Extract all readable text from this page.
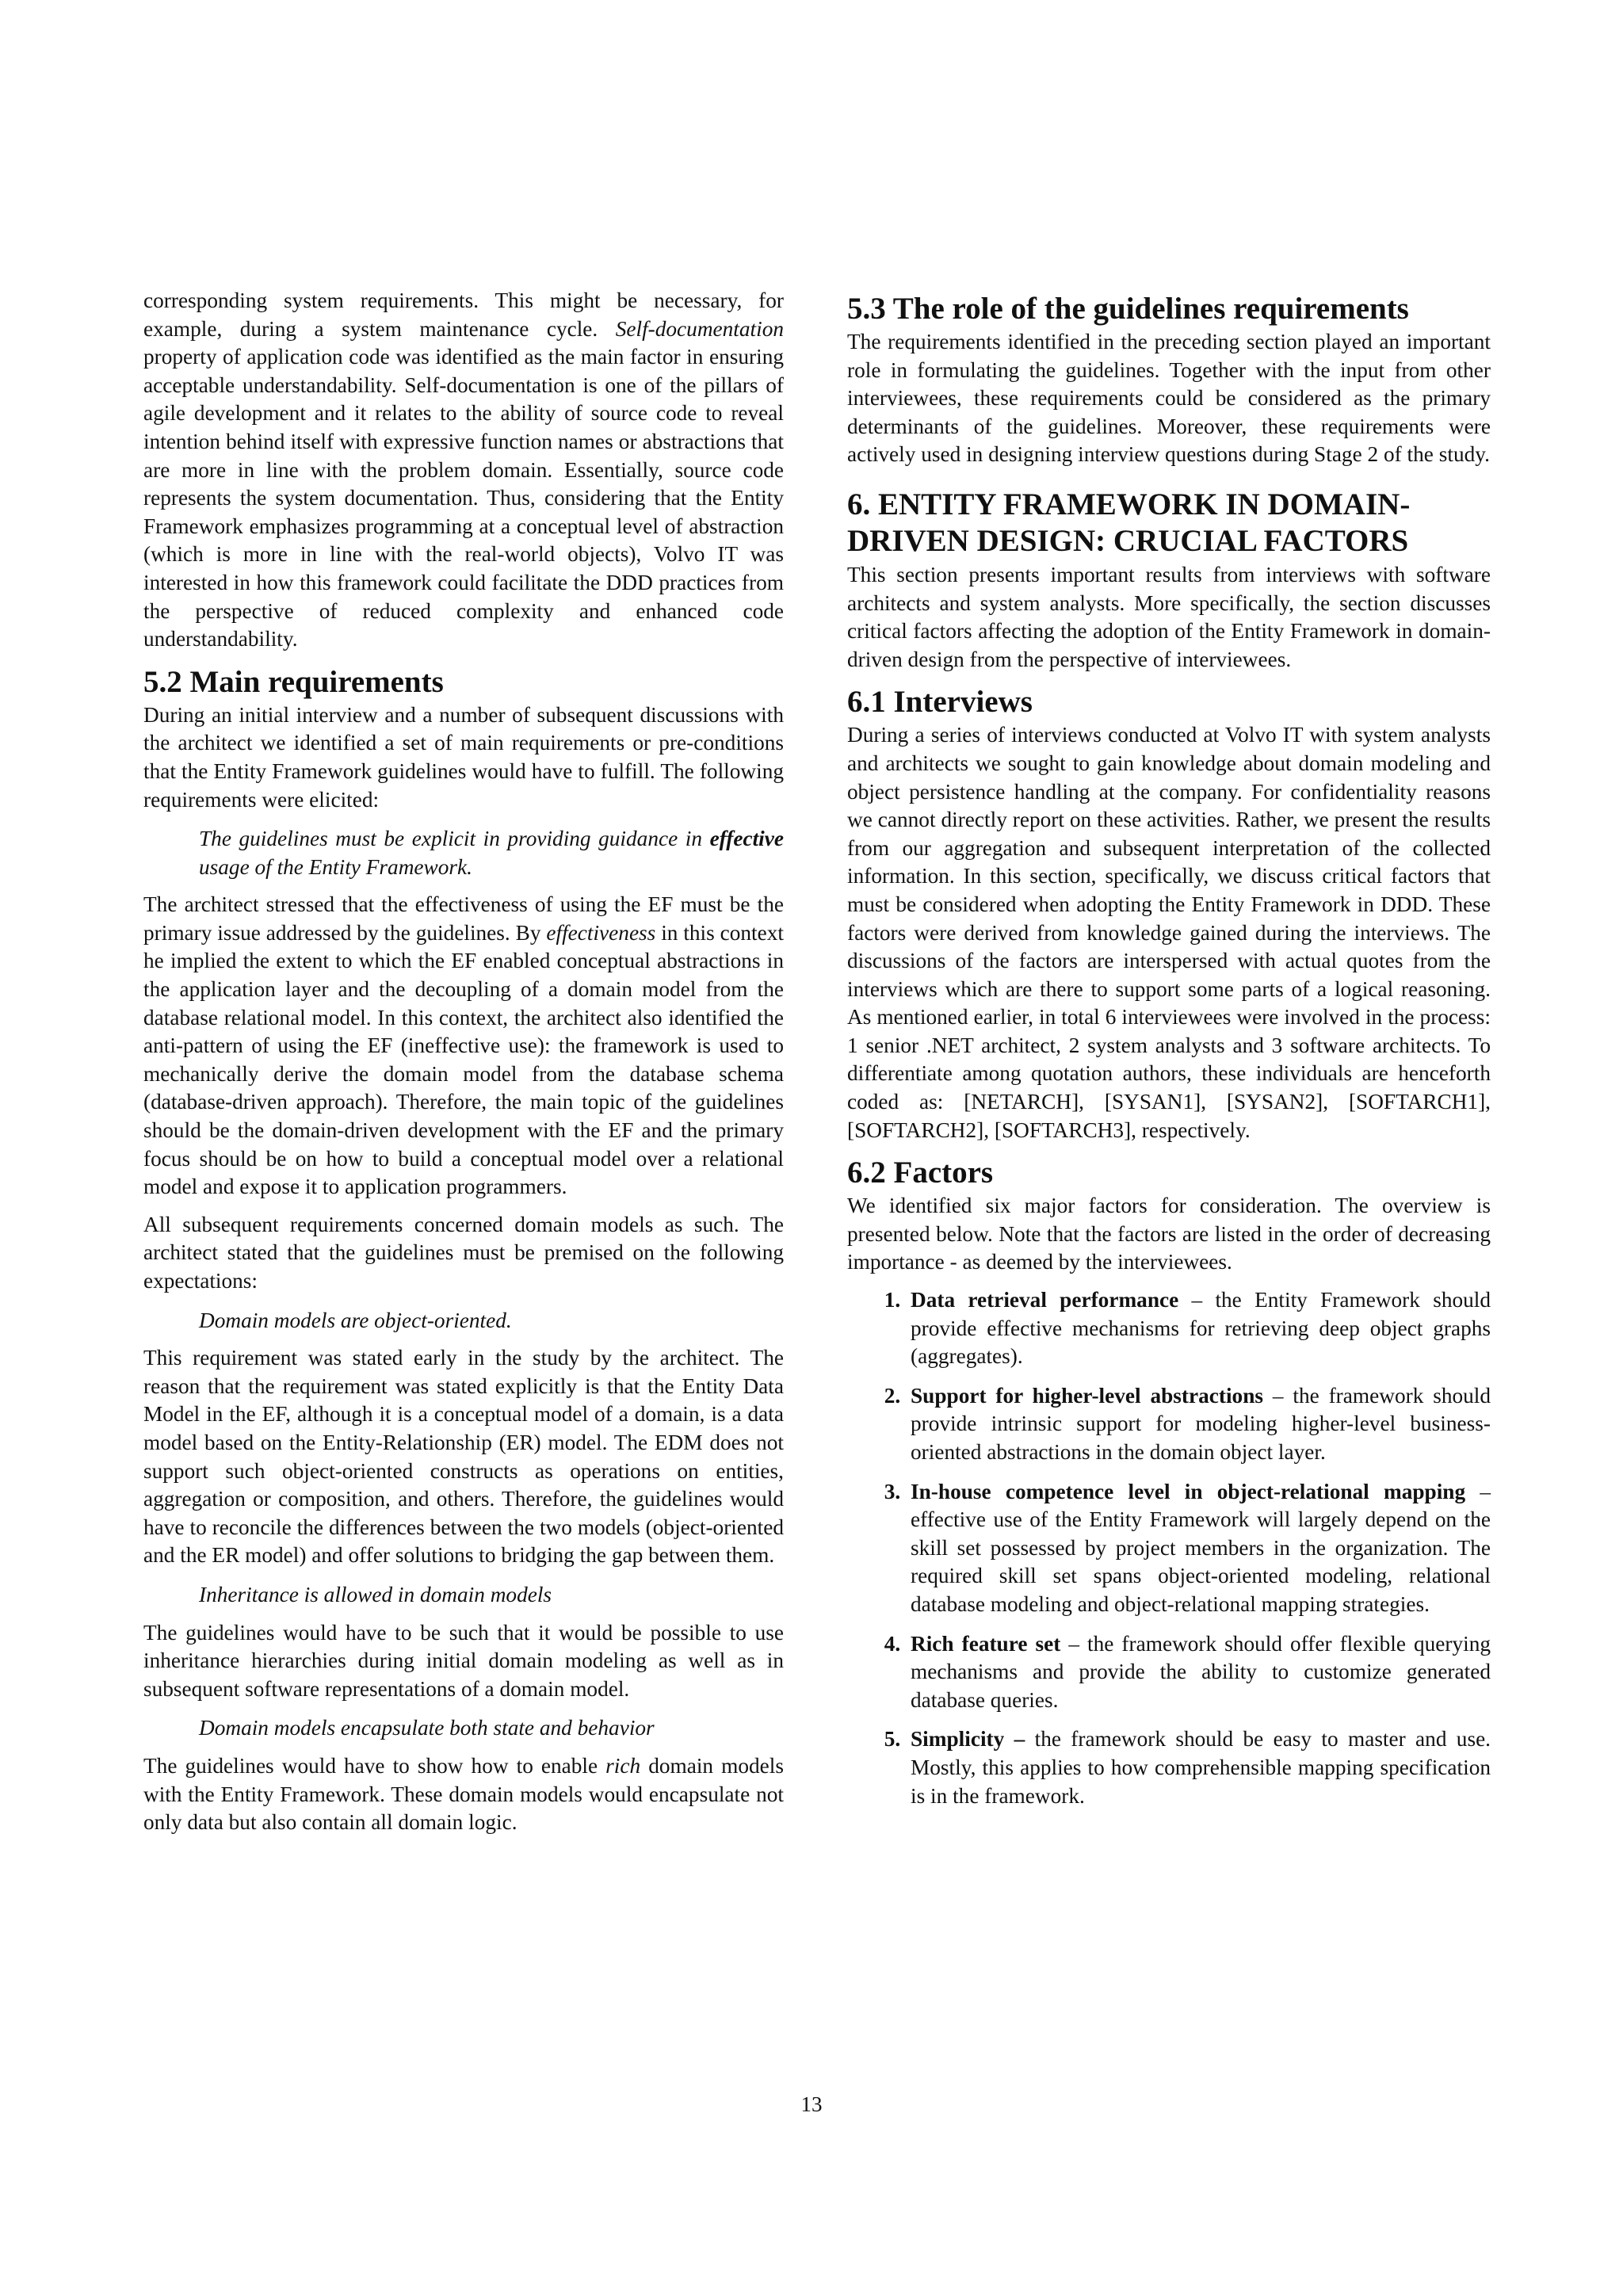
corresponding system requirements. This might be necessary, for example, during a system maintenance cycle. Self-documentation property of application code was identified as the main factor in ensuring acceptable understandability. Self-documentation is one of the pillars of agile development and it relates to the ability of source code to reveal intention behind itself with expressive function names or abstractions that are more in line with the problem domain. Essentially, source code represents the system documentation. Thus, considering that the Entity Framework emphasizes programming at a conceptual level of abstraction (which is more in line with the real-world objects), Volvo IT was interested in how this framework could facilitate the DDD practices from the perspective of reduced complexity and enhanced code understandability.

5.2 Main requirements

During an initial interview and a number of subsequent discussions with the architect we identified a set of main requirements or pre-conditions that the Entity Framework guidelines would have to fulfill. The following requirements were elicited:

The guidelines must be explicit in providing guidance in effective usage of the Entity Framework.

The architect stressed that the effectiveness of using the EF must be the primary issue addressed by the guidelines. By effectiveness in this context he implied the extent to which the EF enabled conceptual abstractions in the application layer and the decoupling of a domain model from the database relational model. In this context, the architect also identified the anti-pattern of using the EF (ineffective use): the framework is used to mechanically derive the domain model from the database schema (database-driven approach). Therefore, the main topic of the guidelines should be the domain-driven development with the EF and the primary focus should be on how to build a conceptual model over a relational model and expose it to application programmers.

All subsequent requirements concerned domain models as such. The architect stated that the guidelines must be premised on the following expectations:

Domain models are object-oriented.

This requirement was stated early in the study by the architect. The reason that the requirement was stated explicitly is that the Entity Data Model in the EF, although it is a conceptual model of a domain, is a data model based on the Entity-Relationship (ER) model. The EDM does not support such object-oriented constructs as operations on entities, aggregation or composition, and others. Therefore, the guidelines would have to reconcile the differences between the two models (object-oriented and the ER model) and offer solutions to bridging the gap between them.

Inheritance is allowed in domain models

The guidelines would have to be such that it would be possible to use inheritance hierarchies during initial domain modeling as well as in subsequent software representations of a domain model.

Domain models encapsulate both state and behavior

The guidelines would have to show how to enable rich domain models with the Entity Framework. These domain models would encapsulate not only data but also contain all domain logic.

5.3 The role of the guidelines requirements

The requirements identified in the preceding section played an important role in formulating the guidelines. Together with the input from other interviewees, these requirements could be considered as the primary determinants of the guidelines. Moreover, these requirements were actively used in designing interview questions during Stage 2 of the study.

6. ENTITY FRAMEWORK IN DOMAIN-DRIVEN DESIGN: CRUCIAL FACTORS

This section presents important results from interviews with software architects and system analysts. More specifically, the section discusses critical factors affecting the adoption of the Entity Framework in domain-driven design from the perspective of interviewees.

6.1 Interviews

During a series of interviews conducted at Volvo IT with system analysts and architects we sought to gain knowledge about domain modeling and object persistence handling at the company. For confidentiality reasons we cannot directly report on these activities. Rather, we present the results from our aggregation and subsequent interpretation of the collected information. In this section, specifically, we discuss critical factors that must be considered when adopting the Entity Framework in DDD. These factors were derived from knowledge gained during the interviews. The discussions of the factors are interspersed with actual quotes from the interviews which are there to support some parts of a logical reasoning. As mentioned earlier, in total 6 interviewees were involved in the process: 1 senior .NET architect, 2 system analysts and 3 software architects. To differentiate among quotation authors, these individuals are henceforth coded as: [NETARCH], [SYSAN1], [SYSAN2], [SOFTARCH1], [SOFTARCH2], [SOFTARCH3], respectively.

6.2 Factors

We identified six major factors for consideration. The overview is presented below. Note that the factors are listed in the order of decreasing importance - as deemed by the interviewees.

1. Data retrieval performance – the Entity Framework should provide effective mechanisms for retrieving deep object graphs (aggregates).
2. Support for higher-level abstractions – the framework should provide intrinsic support for modeling higher-level business-oriented abstractions in the domain object layer.
3. In-house competence level in object-relational mapping – effective use of the Entity Framework will largely depend on the skill set possessed by project members in the organization. The required skill set spans object-oriented modeling, relational database modeling and object-relational mapping strategies.
4. Rich feature set – the framework should offer flexible querying mechanisms and provide the ability to customize generated database queries.
5. Simplicity – the framework should be easy to master and use. Mostly, this applies to how comprehensible mapping specification is in the framework.
13
